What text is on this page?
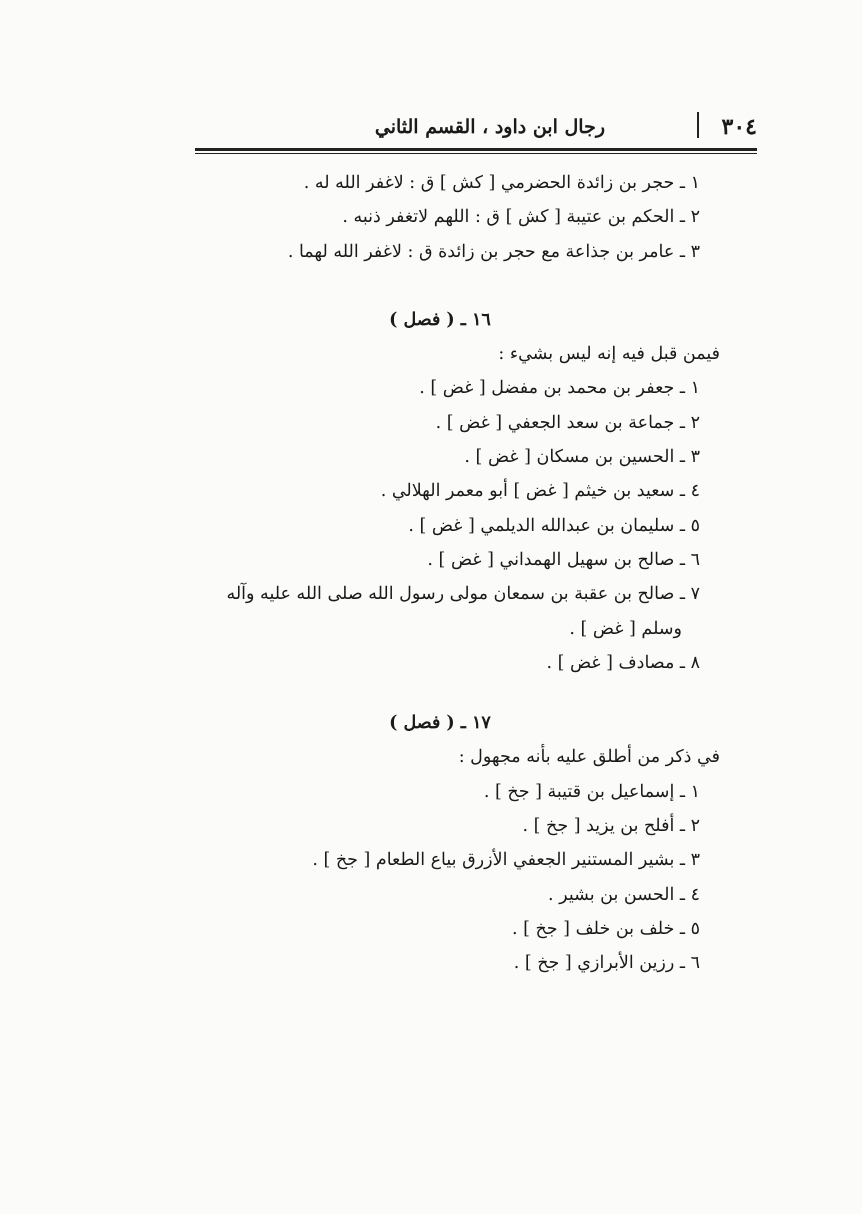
٣٠٤
رجال ابن داود ، القسم الثاني
١ ـ حجر بن زائدة الحضرمي [ كش ] ق : لاغفر الله له .
٢ ـ الحكم بن عتيبة [ كش ] ق : اللهم لاتغفر ذنبه .
٣ ـ عامر بن جذاعة مع حجر بن زائدة ق : لاغفر الله لهما .
١٦ ـ ( فصل )
فيمن قبل فيه إنه ليس بشيء :
١ ـ جعفر بن محمد بن مفضل [ غض ] .
٢ ـ جماعة بن سعد الجعفي [ غض ] .
٣ ـ الحسين بن مسكان [ غض ] .
٤ ـ سعيد بن خيثم [ غض ] أبو معمر الهلالي .
٥ ـ سليمان بن عبدالله الديلمي [ غض ] .
٦ ـ صالح بن سهيل الهمداني [ غض ] .
٧ ـ صالح بن عقبة بن سمعان مولى رسول الله صلى الله عليه وآله
وسلم [ غض ] .
٨ ـ مصادف [ غض ] .
١٧ ـ ( فصل )
في ذكر من أطلق عليه بأنه مجهول :
١ ـ إسماعيل بن قتيبة [ جخ ] .
٢ ـ أفلح بن يزيد [ جخ ] .
٣ ـ بشير المستنير الجعفي الأزرق بياع الطعام [ جخ ] .
٤ ـ الحسن بن بشير .
٥ ـ خلف بن خلف [ جخ ] .
٦ ـ رزين الأبرازي [ جخ ] .
